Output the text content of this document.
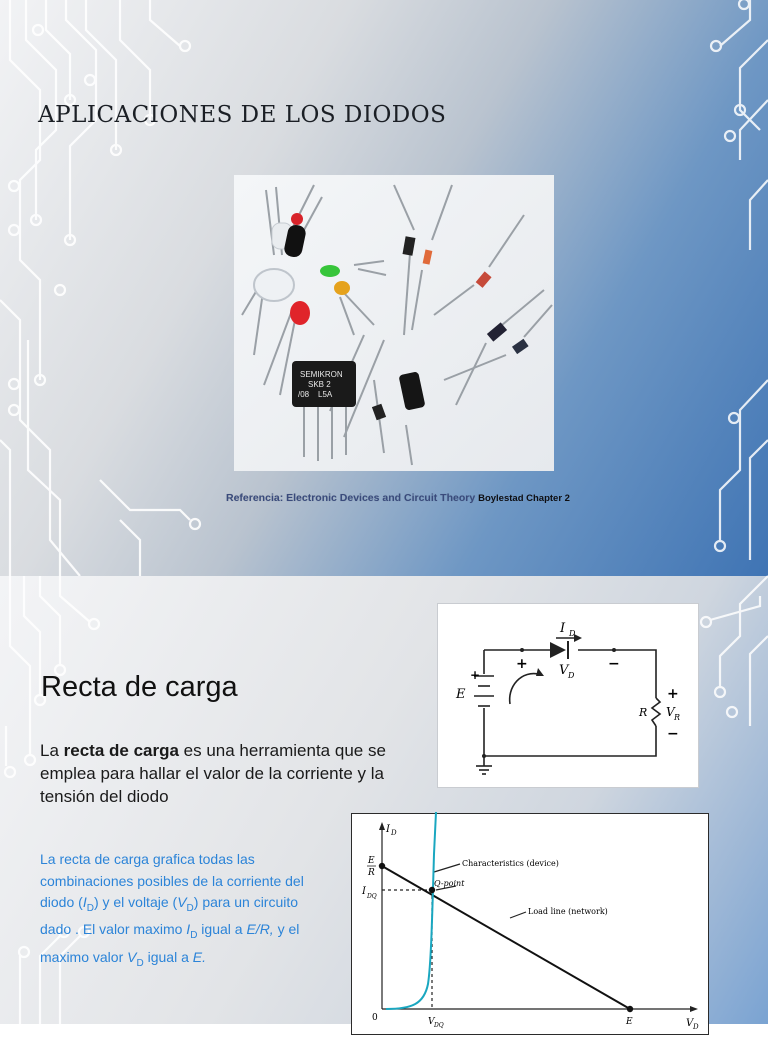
APLICACIONES DE LOS DIODOS
SEMIKRON
SKB 2
/08 L5A
Referencia: Electronic Devices and Circuit Theory Boylestad Chapter 2
I D
V D
+	−
E
+
R V R
+
−
Recta de carga
La recta de carga es una herramienta que se emplea para hallar el valor de la corriente y la tensión del diodo
La recta de carga grafica todas las combinaciones posibles de la corriente del diodo $(I_D)$ y el voltaje $(V_D)$ para un circuito dado . El valor maximo $I_D$ igual a E/R, y el maximo valor $V_D$ igual a E.
I D
V D
E
R
I DQ
V DQ
0	E
Characteristics (device)
Q-point
Load line (network)
